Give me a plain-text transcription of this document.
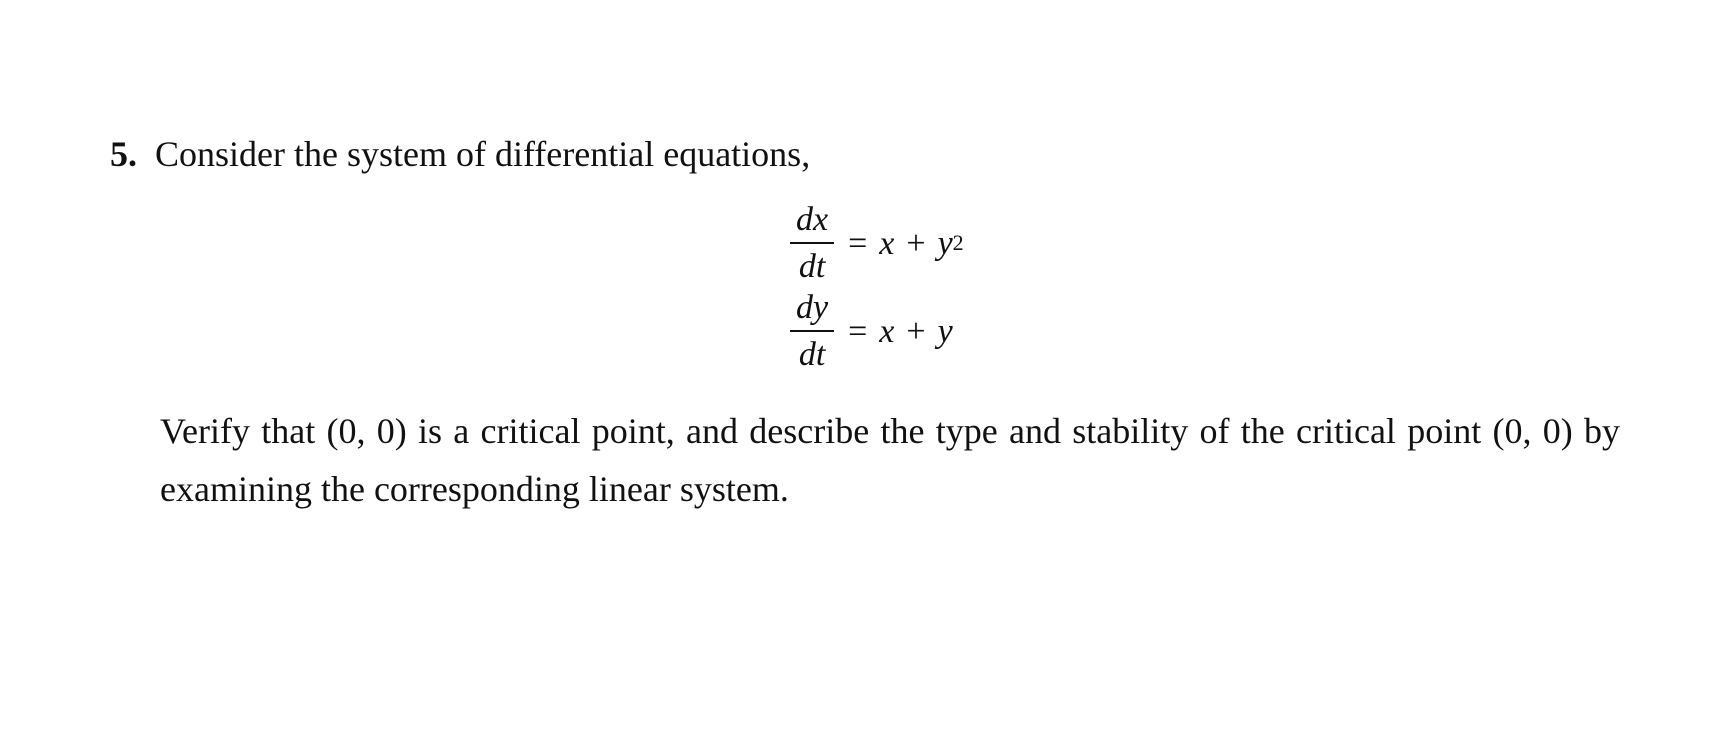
5. Consider the system of differential equations,
$\frac{dx}{dt} = x + y^2$
$\frac{dy}{dt} = x + y$
Verify that (0, 0) is a critical point, and describe the type and stability of the critical point (0, 0) by examining the corresponding linear system.
